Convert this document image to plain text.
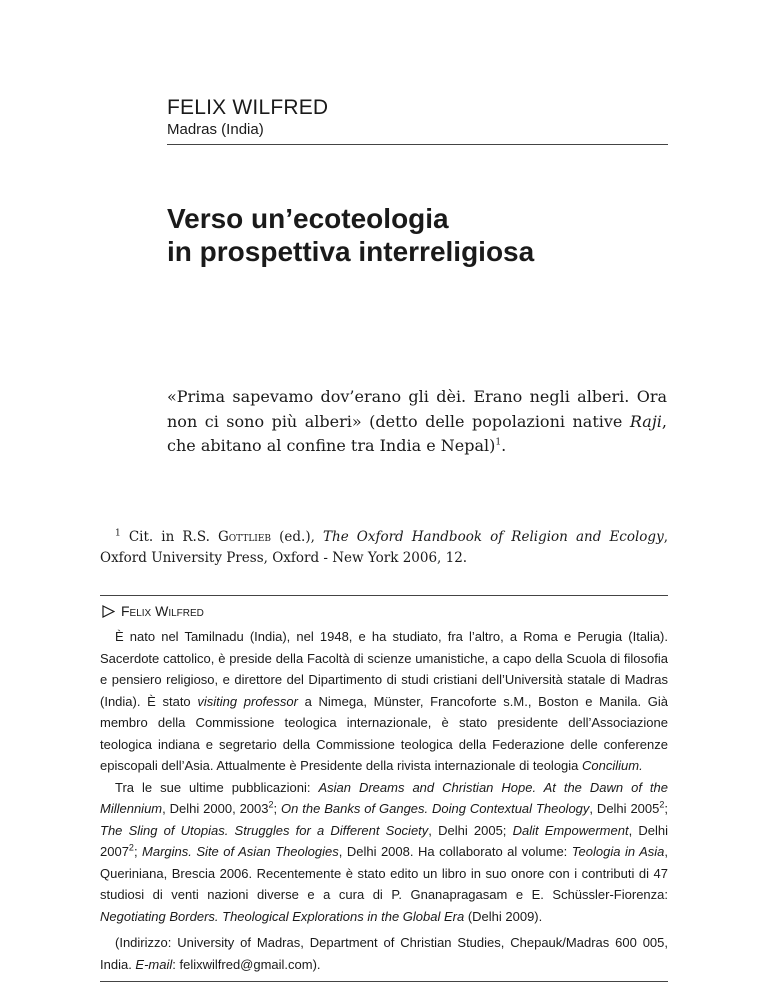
FELIX WILFRED

Madras (India)

Verso un’ecoteologia
in prospettiva interreligiosa

«Prima sapevamo dov’erano gli dèi. Erano negli alberi. Ora non ci sono più alberi» (detto delle popolazioni native Raji, che abitano al confine tra India e Nepal)$^1$.

$^1$ Cit. in R.S. Gottlieb (ed.), The Oxford Handbook of Religion and Ecology, Oxford University Press, Oxford - New York 2006, 12.

Felix Wilfred

È nato nel Tamilnadu (India), nel 1948, e ha studiato, fra l’altro, a Roma e Perugia (Italia). Sacerdote cattolico, è preside della Facoltà di scienze umanistiche, a capo della Scuola di filosofia e pensiero religioso, e direttore del Dipartimento di studi cristiani dell’Università statale di Madras (India). È stato visiting professor a Nimega, Münster, Francoforte s.M., Boston e Manila. Già membro della Commissione teologica internazionale, è stato presidente dell’Associazione teologica indiana e segretario della Commissione teologica della Federazione delle conferenze episcopali dell’Asia. Attualmente è Presidente della rivista internazionale di teologia Concilium.

Tra le sue ultime pubblicazioni: Asian Dreams and Christian Hope. At the Dawn of the Millennium, Delhi 2000, 2003$^2$; On the Banks of Ganges. Doing Contextual Theology, Delhi 2005$^2$; The Sling of Utopias. Struggles for a Different Society, Delhi 2005; Dalit Empowerment, Delhi 2007$^2$; Margins. Site of Asian Theologies, Delhi 2008. Ha collaborato al volume: Teologia in Asia, Queriniana, Brescia 2006. Recentemente è stato edito un libro in suo onore con i contributi di 47 studiosi di venti nazioni diverse e a cura di P. Gnanapragasam e E. Schüssler-Fiorenza: Negotiating Borders. Theological Explorations in the Global Era (Delhi 2009).

(Indirizzo: University of Madras, Department of Christian Studies, Chepauk/Madras 600 005, India. E-mail: felixwilfred@gmail.com).
